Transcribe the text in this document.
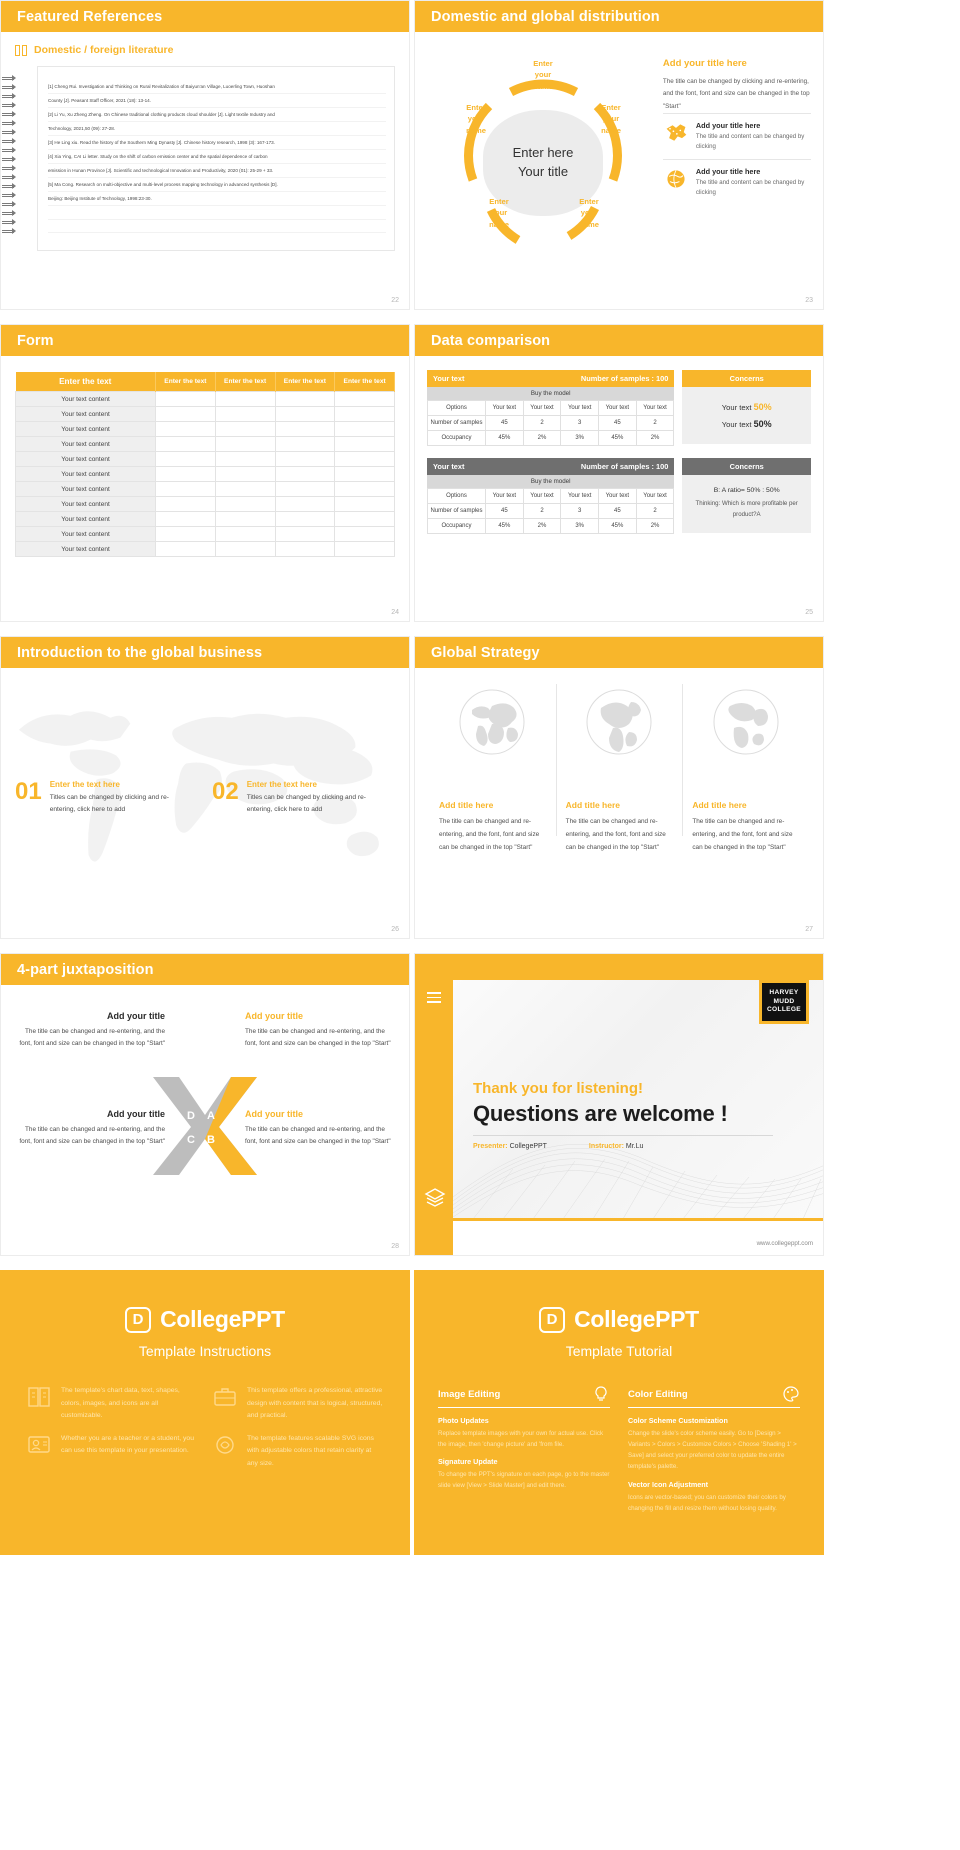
Featured References
Domestic / foreign literature

[1] Cheng Rui. Investigation and Thinking on Rural Revitalization of Baiyun'an Village, Luoerling Town, Huoshan

County [J]. Peasant Staff Officer, 2021 (18): 13-14.

[2] Li Yu, Xu Zheng Zheng. On Chinese traditional clothing products cloud shoulder [J]. Light textile Industry and

Technology, 2021,50 (09): 27-28.

[3] He Ling xiu. Read the history of the Southern Ming Dynasty [J]. Chinese history research, 1998 (3): 167-173.

[4] Xia Ying, CAI Li letter. Study on the shift of carbon emission center and the spatial dependence of carbon

emission in Hunan Province [J]. Scientific and technological Innovation and Productivity, 2020 (01): 25-29 + 33.

[5] Ma Cong. Research on multi-objective and multi-level process mapping technology in advanced synthesis [D].

Beijing: Beijing Institute of Technology, 1998:23-30.

22
Domestic and global distribution
Enter here
Your title
Enter
your
name
Enter
your
name
Enter
your
name
Enter
your
name
Enter
your
name
Add your title here
The title can be changed by clicking and re-entering, and the font, font and size can be changed in the top "Start"
Add your title here

The title and content can be changed by clicking

Add your title here

The title and content can be changed by clicking

23
Form
Enter the text	Enter the text	Enter the text	Enter the text	Enter the text
Your text content				
Your text content				
Your text content				
Your text content				
Your text content				
Your text content				
Your text content				
Your text content				
Your text content				
Your text content				
Your text content				
24
Data comparison
Your text	Number of samples : 100
Buy the model
Options	Your text	Your text	Your text	Your text	Your text
Number of samples	45	2	3	45	2
Occupancy	45%	2%	3%	45%	2%
Your text	Number of samples : 100
Buy the model
Options	Your text	Your text	Your text	Your text	Your text
Number of samples	45	2	3	45	2
Occupancy	45%	2%	3%	45%	2%
Concerns
Your text 50%
Your text 50%
Concerns
B: A ratio= 50% : 50%
Thinking: Which is more profitable per product?A
25
Introduction to the global business
01 Enter the text here

Titles can be changed by clicking and re-entering, click here to add

02 Enter the text here

Titles can be changed by clicking and re-entering, click here to add

26
Global Strategy
Add title here

The title can be changed and re-entering, and the font, font and size can be changed in the top "Start"

Add title here

The title can be changed and re-entering, and the font, font and size can be changed in the top "Start"

Add title here

The title can be changed and re-entering, and the font, font and size can be changed in the top "Start"

27
4-part juxtaposition
D A
C B
Add your title

The title can be changed and re-entering, and the font, font and size can be changed in the top "Start"

Add your title

The title can be changed and re-entering, and the font, font and size can be changed in the top "Start"

Add your title

The title can be changed and re-entering, and the font, font and size can be changed in the top "Start"

Add your title

The title can be changed and re-entering, and the font, font and size can be changed in the top "Start"

28
HARVEY
MUDD
COLLEGE
Thank you for listening!
Questions are welcome !
Presenter: CollegePPT	Instructor: Mr.Lu
www.collegeppt.com
D CollegePPT
Template Instructions

The template's chart data, text, shapes, colors, images, and icons are all customizable.

This template offers a professional, attractive design with content that is logical, structured, and practical.

Whether you are a teacher or a student, you can use this template in your presentation.

The template features scalable SVG icons with adjustable colors that retain clarity at any size.

D CollegePPT
Template Tutorial
Image Editing
Photo Updates

Replace template images with your own for actual use. Click the image, then 'change picture' and 'from file.

Signature Update

To change the PPT's signature on each page, go to the master slide view [View > Slide Master] and edit there.

Color Editing
Color Scheme Customization

Change the slide's color scheme easily. Go to [Design > Variants > Colors > Customize Colors > Choose 'Shading 1' > Save] and select your preferred color to update the entire template's palette.

Vector Icon Adjustment

Icons are vector-based; you can customize their colors by changing the fill and resize them without losing quality.
